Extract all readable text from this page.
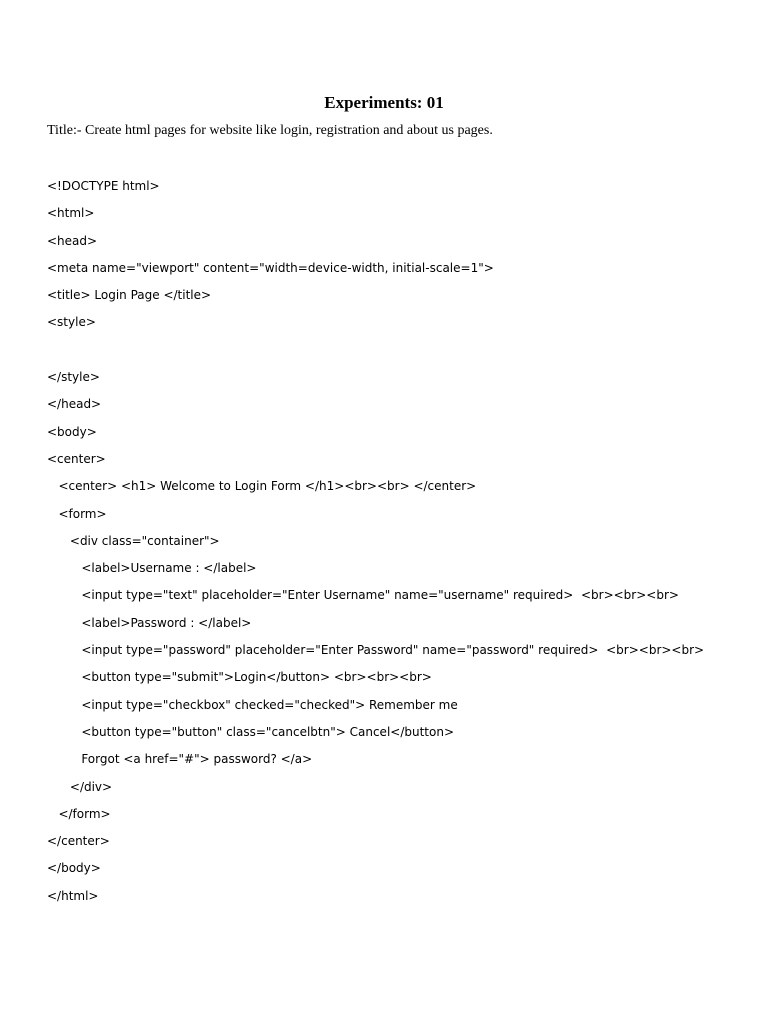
Experiments: 01
Title:- Create html pages for website like login, registration and about us pages.
<!DOCTYPE html>
<html>
<head>
<meta name="viewport" content="width=device-width, initial-scale=1">
<title> Login Page </title>
<style>
</style>
</head>
<body>
<center>
<center> <h1> Welcome to Login Form </h1><br><br> </center>
<form>
<div class="container">
<label>Username : </label>
<input type="text" placeholder="Enter Username" name="username" required>  <br><br><br>
<label>Password : </label>
<input type="password" placeholder="Enter Password" name="password" required>  <br><br><br>
<button type="submit">Login</button> <br><br><br>
<input type="checkbox" checked="checked"> Remember me
<button type="button" class="cancelbtn"> Cancel</button>
Forgot <a href="#"> password? </a>
</div>
</form>
</center>
</body>
</html>
